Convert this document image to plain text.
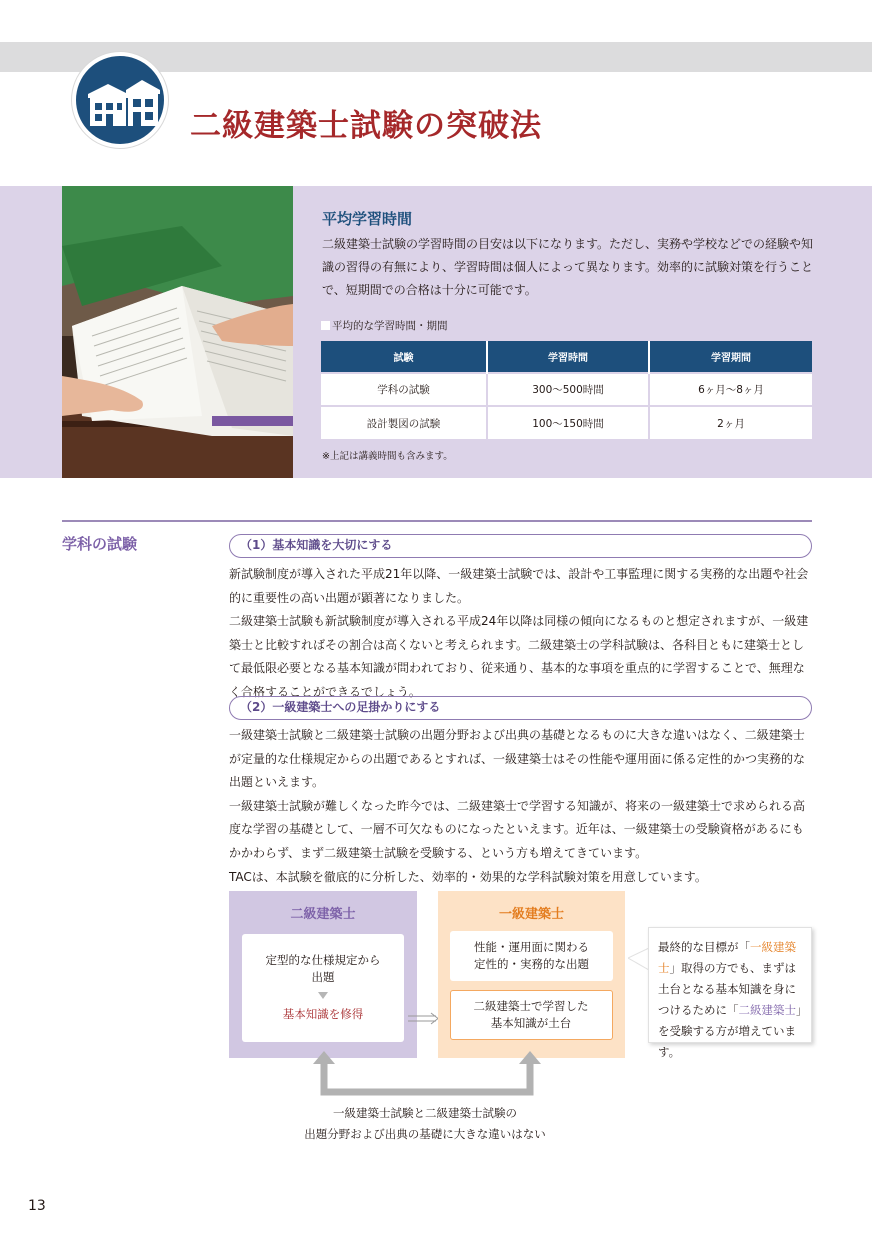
二級建築士試験の突破法
平均学習時間

二級建築士試験の学習時間の目安は以下になります。ただし、実務や学校などでの経験や知識の習得の有無により、学習時間は個人によって異なります。効率的に試験対策を行うことで、短期間での合格は十分に可能です。

平均的な学習時間・期間
試験	学習時間	学習期間
学科の試験	300～500時間	6ヶ月～8ヶ月
設計製図の試験	100～150時間	2ヶ月
※上記は講義時間も含みます。
学科の試験	（1）基本知識を大切にする

新試験制度が導入された平成21年以降、一級建築士試験では、設計や工事監理に関する実務的な出題や社会的に重要性の高い出題が顕著になりました。
二級建築士試験も新試験制度が導入される平成24年以降は同様の傾向になるものと想定されますが、一級建築士と比較すればその割合は高くないと考えられます。二級建築士の学科試験は、各科目ともに建築士として最低限必要となる基本知識が問われており、従来通り、基本的な事項を重点的に学習することで、無理なく合格することができるでしょう。

（2）一級建築士への足掛かりにする

一級建築士試験と二級建築士試験の出題分野および出典の基礎となるものに大きな違いはなく、二級建築士が定量的な仕様規定からの出題であるとすれば、一級建築士はその性能や運用面に係る定性的かつ実務的な出題といえます。
一級建築士試験が難しくなった昨今では、二級建築士で学習する知識が、将来の一級建築士で求められる高度な学習の基礎として、一層不可欠なものになったといえます。近年は、一級建築士の受験資格があるにもかかわらず、まず二級建築士試験を受験する、という方も増えてきています。
TACは、本試験を徹底的に分析した、効率的・効果的な学科試験対策を用意しています。

二級建築士
定型的な仕様規定から
出題
基本知識を修得
一級建築士
性能・運用面に関わる
定性的・実務的な出題
二級建築士で学習した
基本知識が土台
最終的な目標が「一級建築士」取得の方でも、まずは土台となる基本知識を身につけるために「二級建築士」を受験する方が増えています。
一級建築士試験と二級建築士試験の
出題分野および出典の基礎に大きな違いはない
13
